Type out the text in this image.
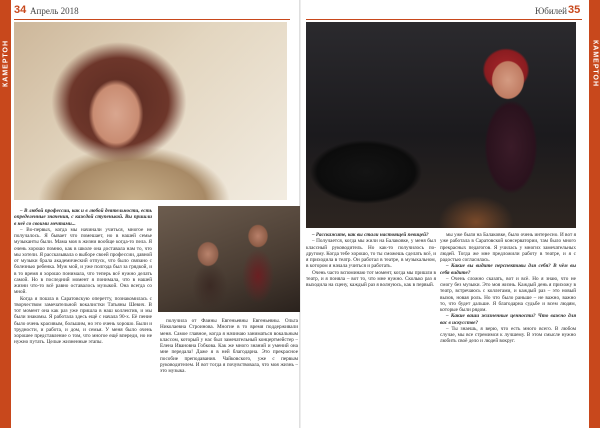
КАМЕРТОН	КАМЕРТОН
34 Апрель 2018	Юбилей 35

– В любой профессии, как и в любой деятельности, есть определенные значения, с каждой ступенькой. Вы пришли в неё со своими мечтами...

– Во-первых, когда мы начинали учиться, многое не получалось. Я бывает что помешает, но в нашей семье музыканты были. Мама моя в жизни вообще когда-то пела. Я очень хорошо помню, как в школе она доставала нам то, что мы хотели. Я рассказывала о выборе своей профессии, давной от музыки брала академический отпуск, что было связано с болезнью ребенка. Муж мой, и уже полгода был за грядкой, и в то время я хорошо понимала, что теперь всё нужно делать самой. Но в последний момент я понимала, что в нашей жизни что-то всё равно оставалось музыкой. Она всегда со мной.

Когда я пошла в Саратовскую оперетту, познакомилась с творчеством замечательной вокалистки Татьяны Шевич. В тот момент она как раз уже пришла в наш коллектив, и мы были знакомы. Я работала здесь ещё с начала 90-х. Её пение было очень красивым, большим, но это очень хорошо. Были и трудности, и работа, и дом, и семья. У меня было очень хорошее представление о том, что многое ещё впереди, но не нужно путать. Целые жизненные этапы.

получила от Фаины Евгеньевны Евгеньевны. Ольга Николаевна Строинова. Многие в то время поддерживали меня. Самое главное, когда я начинаю заниматься вокальным классом, который у нас был замечательный концертмейстер – Елена Ивановна Гобкова. Как же много знаний и умений она мне передала! Даже я в ней благодарна. Это прекрасное пособие преподавания. Чайковского, уже с первым руководителем. И вот тогда я почувствовала, что моя жизнь – это музыка.

– Расскажите, как вы стали настоящей певицей?

– Получается, когда мы жили на Балаковке, у меня был классный руководитель. Но как-то получилось по-другому. Когда тебе хорошо, то ты сможешь сделать всё, и я приходила в театр. Он работал в театре, в музыкальном, в котором я начала учиться и работать.

Очень часто вспоминаю тот момент, когда мы пришли в театр, и я поняла – вот то, что мне нужно. Сколько раз я выходила на сцену, каждый раз я волнуюсь, как в первый.

мы уже были на Балаковке, было очень интересно. И вот я уже работала в Саратовской консерватории, там было много прекрасных педагогов. Я училась у многих замечательных людей. Тогда же мне предложили работу в театре, и я с радостью согласилась.

– Какие вы видите перспективы для себя? В чём вы себя видите?

– Очень сложно сказать, вот и всё. Но я знаю, что не смогу без музыки. Это моя жизнь. Каждый день я прихожу в театр, встречаюсь с коллегами, и каждый раз – это новый вызов, новая роль. Но что было раньше – не важно, важно то, что будет дальше. Я благодарна судьбе и всем людям, которые были рядом.

– Какие ваши жизненные ценности? Что важно для вас в искусстве?

– Ты знаешь, я верю, что есть много всего. В любом случае, мы все стремимся к лучшему. В этом смысле нужно любить своё дело и людей вокруг.
